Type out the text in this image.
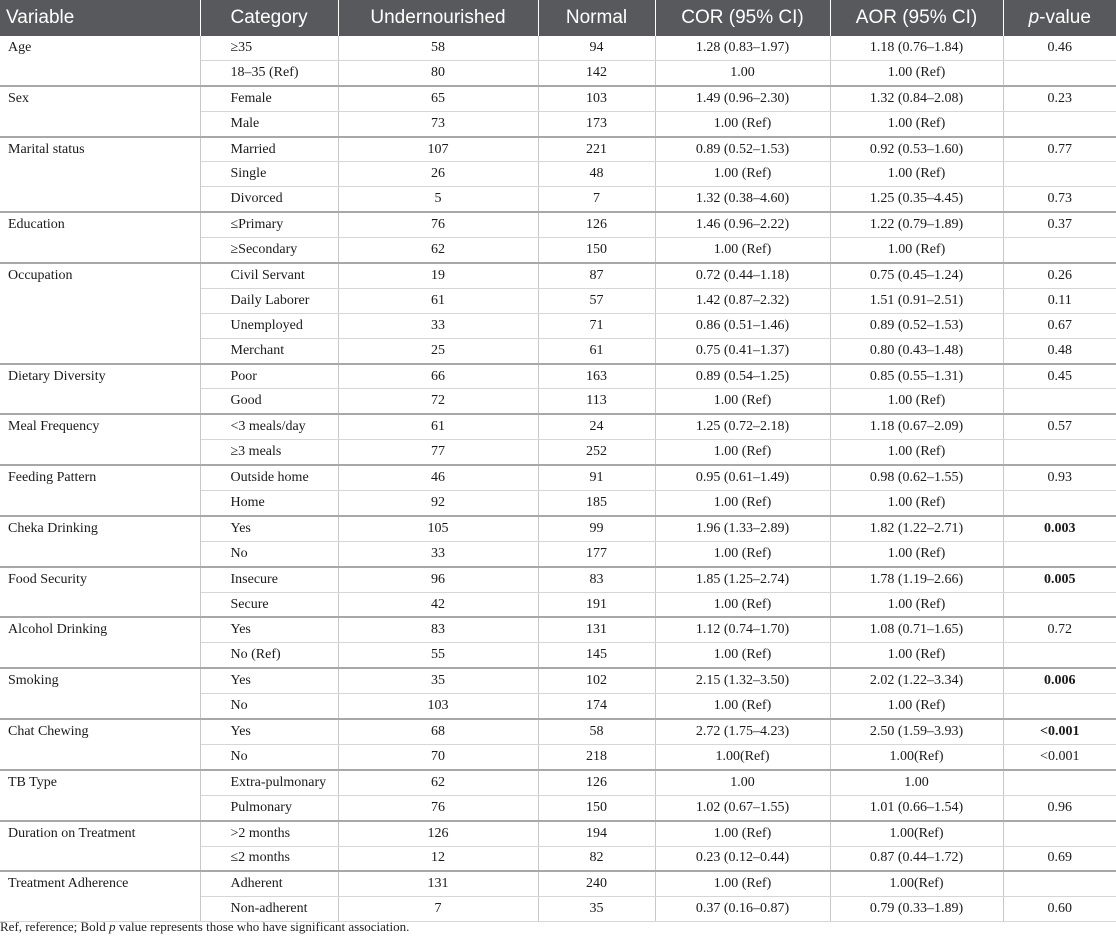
Variable	Category	Undernourished	Normal	COR (95% CI)	AOR (95% CI)	p-value
Age	≥35	58	94	1.28 (0.83–1.97)	1.18 (0.76–1.84)	0.46
	18–35 (Ref)	80	142	1.00	1.00 (Ref)	
Sex	Female	65	103	1.49 (0.96–2.30)	1.32 (0.84–2.08)	0.23
	Male	73	173	1.00 (Ref)	1.00 (Ref)	
Marital status	Married	107	221	0.89 (0.52–1.53)	0.92 (0.53–1.60)	0.77
	Single	26	48	1.00 (Ref)	1.00 (Ref)	
	Divorced	5	7	1.32 (0.38–4.60)	1.25 (0.35–4.45)	0.73
Education	≤Primary	76	126	1.46 (0.96–2.22)	1.22 (0.79–1.89)	0.37
	≥Secondary	62	150	1.00 (Ref)	1.00 (Ref)	
Occupation	Civil Servant	19	87	0.72 (0.44–1.18)	0.75 (0.45–1.24)	0.26
	Daily Laborer	61	57	1.42 (0.87–2.32)	1.51 (0.91–2.51)	0.11
	Unemployed	33	71	0.86 (0.51–1.46)	0.89 (0.52–1.53)	0.67
	Merchant	25	61	0.75 (0.41–1.37)	0.80 (0.43–1.48)	0.48
Dietary Diversity	Poor	66	163	0.89 (0.54–1.25)	0.85 (0.55–1.31)	0.45
	Good	72	113	1.00 (Ref)	1.00 (Ref)	
Meal Frequency	<3 meals/day	61	24	1.25 (0.72–2.18)	1.18 (0.67–2.09)	0.57
	≥3 meals	77	252	1.00 (Ref)	1.00 (Ref)	
Feeding Pattern	Outside home	46	91	0.95 (0.61–1.49)	0.98 (0.62–1.55)	0.93
	Home	92	185	1.00 (Ref)	1.00 (Ref)	
Cheka Drinking	Yes	105	99	1.96 (1.33–2.89)	1.82 (1.22–2.71)	0.003
	No	33	177	1.00 (Ref)	1.00 (Ref)	
Food Security	Insecure	96	83	1.85 (1.25–2.74)	1.78 (1.19–2.66)	0.005
	Secure	42	191	1.00 (Ref)	1.00 (Ref)	
Alcohol Drinking	Yes	83	131	1.12 (0.74–1.70)	1.08 (0.71–1.65)	0.72
	No (Ref)	55	145	1.00 (Ref)	1.00 (Ref)	
Smoking	Yes	35	102	2.15 (1.32–3.50)	2.02 (1.22–3.34)	0.006
	No	103	174	1.00 (Ref)	1.00 (Ref)	
Chat Chewing	Yes	68	58	2.72 (1.75–4.23)	2.50 (1.59–3.93)	<0.001
	No	70	218	1.00(Ref)	1.00(Ref)	<0.001
TB Type	Extra-pulmonary	62	126	1.00	1.00	
	Pulmonary	76	150	1.02 (0.67–1.55)	1.01 (0.66–1.54)	0.96
Duration on Treatment	>2 months	126	194	1.00 (Ref)	1.00(Ref)	
	≤2 months	12	82	0.23 (0.12–0.44)	0.87 (0.44–1.72)	0.69
Treatment Adherence	Adherent	131	240	1.00 (Ref)	1.00(Ref)	
	Non-adherent	7	35	0.37 (0.16–0.87)	0.79 (0.33–1.89)	0.60
Ref, reference; Bold p value represents those who have significant association.
